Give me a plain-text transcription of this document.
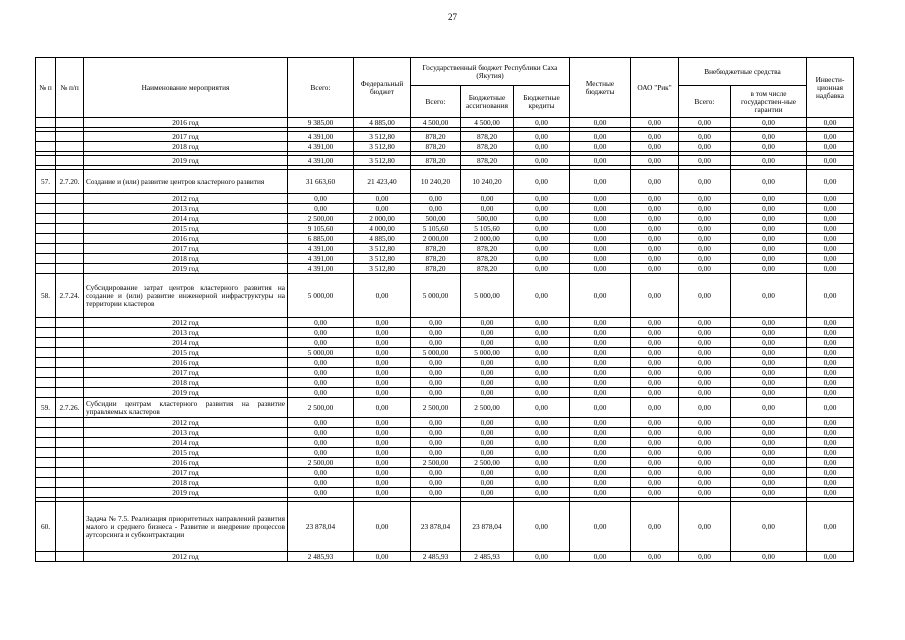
27
№ п	№ п/п	Наименование мероприятия	Всего:	Федеральный бюджет	Государственный бюджет Республики Саха (Якутия)			Местные бюджеты	ОАО "Рик"	Внебюджетные средства		Инвести-ционная надбавка
					Всего:	Бюджетные ассигнования	Бюджетные кредиты			Всего:	в том числе государствен-ные гарантии	
		2016 год	9 385,00	4 885,00	4 500,00	4 500,00	0,00	0,00	0,00	0,00	0,00	0,00

		2017 год	4 391,00	3 512,80	878,20	878,20	0,00	0,00	0,00	0,00	0,00	0,00
		2018 год	4 391,00	3 512,80	878,20	878,20	0,00	0,00	0,00	0,00	0,00	0,00

		2019 год	4 391,00	3 512,80	878,20	878,20	0,00	0,00	0,00	0,00	0,00	0,00

57.	2.7.20.	Создание и (или) развитие центров кластерного развития	31 663,60	21 423,40	10 240,20	10 240,20	0,00	0,00	0,00	0,00	0,00	0,00
		2012 год	0,00	0,00	0,00	0,00	0,00	0,00	0,00	0,00	0,00	0,00
		2013 год	0,00	0,00	0,00	0,00	0,00	0,00	0,00	0,00	0,00	0,00
		2014 год	2 500,00	2 000,00	500,00	500,00	0,00	0,00	0,00	0,00	0,00	0,00
		2015 год	9 105,60	4 000,00	5 105,60	5 105,60	0,00	0,00	0,00	0,00	0,00	0,00
		2016 год	6 885,00	4 885,00	2 000,00	2 000,00	0,00	0,00	0,00	0,00	0,00	0,00
		2017 год	4 391,00	3 512,80	878,20	878,20	0,00	0,00	0,00	0,00	0,00	0,00
		2018 год	4 391,00	3 512,80	878,20	878,20	0,00	0,00	0,00	0,00	0,00	0,00
		2019 год	4 391,00	3 512,80	878,20	878,20	0,00	0,00	0,00	0,00	0,00	0,00
58.	2.7.24.	Субсидирование затрат центров кластерного развития на создание и (или) развитие инженерной инфраструктуры на территории кластеров	5 000,00	0,00	5 000,00	5 000,00	0,00	0,00	0,00	0,00	0,00	0,00
		2012 год	0,00	0,00	0,00	0,00	0,00	0,00	0,00	0,00	0,00	0,00
		2013 год	0,00	0,00	0,00	0,00	0,00	0,00	0,00	0,00	0,00	0,00
		2014 год	0,00	0,00	0,00	0,00	0,00	0,00	0,00	0,00	0,00	0,00
		2015 год	5 000,00	0,00	5 000,00	5 000,00	0,00	0,00	0,00	0,00	0,00	0,00
		2016 год	0,00	0,00	0,00	0,00	0,00	0,00	0,00	0,00	0,00	0,00
		2017 год	0,00	0,00	0,00	0,00	0,00	0,00	0,00	0,00	0,00	0,00
		2018 год	0,00	0,00	0,00	0,00	0,00	0,00	0,00	0,00	0,00	0,00
		2019 год	0,00	0,00	0,00	0,00	0,00	0,00	0,00	0,00	0,00	0,00
59.	2.7.26.	Субсидии центрам кластерного развития на развитие управляемых кластеров	2 500,00	0,00	2 500,00	2 500,00	0,00	0,00	0,00	0,00	0,00	0,00
		2012 год	0,00	0,00	0,00	0,00	0,00	0,00	0,00	0,00	0,00	0,00
		2013 год	0,00	0,00	0,00	0,00	0,00	0,00	0,00	0,00	0,00	0,00
		2014 год	0,00	0,00	0,00	0,00	0,00	0,00	0,00	0,00	0,00	0,00
		2015 год	0,00	0,00	0,00	0,00	0,00	0,00	0,00	0,00	0,00	0,00
		2016 год	2 500,00	0,00	2 500,00	2 500,00	0,00	0,00	0,00	0,00	0,00	0,00
		2017 год	0,00	0,00	0,00	0,00	0,00	0,00	0,00	0,00	0,00	0,00
		2018 год	0,00	0,00	0,00	0,00	0,00	0,00	0,00	0,00	0,00	0,00
		2019 год	0,00	0,00	0,00	0,00	0,00	0,00	0,00	0,00	0,00	0,00

60.		Задача № 7.5. Реализация приоритетных направлений развития малого и среднего бизнеса - Развитие и внедрение процессов аутсорсинга и субконтрактации	23 878,04	0,00	23 878,04	23 878,04	0,00	0,00	0,00	0,00	0,00	0,00
		2012 год	2 485,93	0,00	2 485,93	2 485,93	0,00	0,00	0,00	0,00	0,00	0,00
